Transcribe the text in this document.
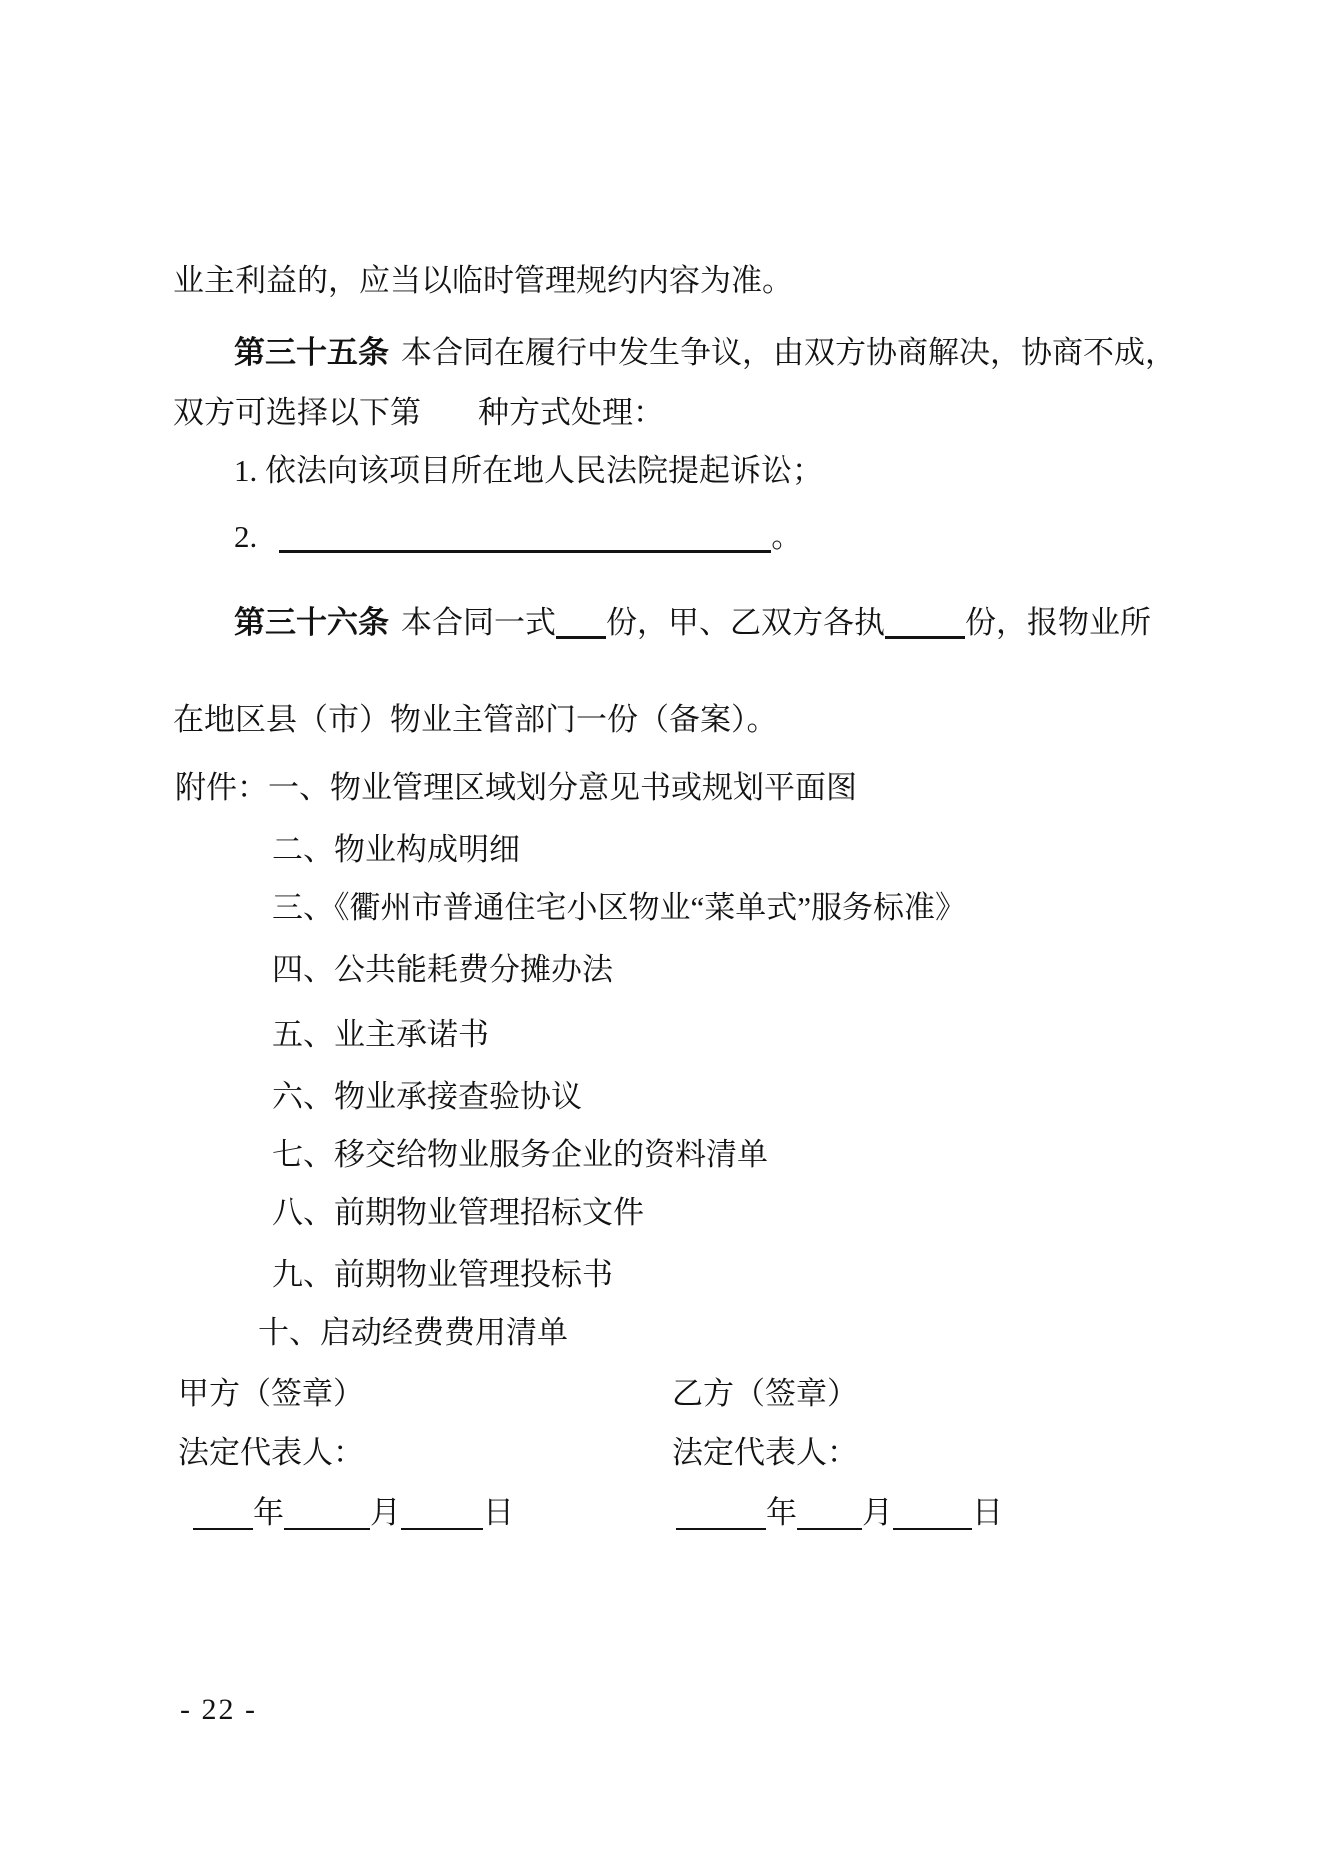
业主利益的，应当以临时管理规约内容为准。
第三十五条 本合同在履行中发生争议，由双方协商解决，协商不成，
双方可选择以下第 种方式处理：
1. 依法向该项目所在地人民法院提起诉讼；
2.	。
第三十六条 本合同一式 份，甲、乙双方各执	份，报物业所
在地区县（市）物业主管部门一份（备案）。
附件：一、物业管理区域划分意见书或规划平面图
二、物业构成明细
三、《衢州市普通住宅小区物业“菜单式”服务标准》
四、公共能耗费分摊办法
五、业主承诺书
六、物业承接查验协议
七、移交给物业服务企业的资料清单
八、前期物业管理招标文件
九、前期物业管理投标书
十、启动经费费用清单
甲方（签章）	乙方（签章）
法定代表人：	法定代表人：
年	月	日	年 月	日
- 22 -
